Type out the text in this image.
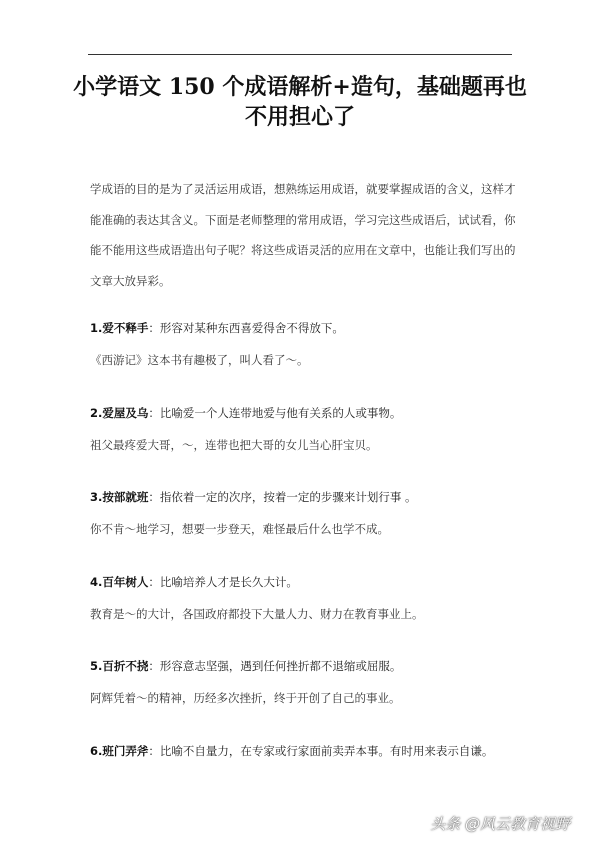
小学语文 150 个成语解析+造句，基础题再也不用担心了

学成语的目的是为了灵活运用成语，想熟练运用成语，就要掌握成语的含义，这样才能准确的表达其含义。下面是老师整理的常用成语，学习完这些成语后，试试看，你能不能用这些成语造出句子呢？将这些成语灵活的应用在文章中，也能让我们写出的文章大放异彩。

1.爱不释手：形容对某种东西喜爱得舍不得放下。

《西游记》这本书有趣极了，叫人看了～。

2.爱屋及乌：比喻爱一个人连带地爱与他有关系的人或事物。

祖父最疼爱大哥，～，连带也把大哥的女儿当心肝宝贝。

3.按部就班：指依着一定的次序，按着一定的步骤来计划行事 。

你不肯～地学习，想要一步登天，难怪最后什么也学不成。

4.百年树人：比喻培养人才是长久大计。

教育是～的大计，各国政府都投下大量人力、财力在教育事业上。

5.百折不挠：形容意志坚强，遇到任何挫折都不退缩或屈服。

阿辉凭着～的精神，历经多次挫折，终于开创了自己的事业。

6.班门弄斧：比喻不自量力，在专家或行家面前卖弄本事。有时用来表示自谦。

头条 @风云教育视野
